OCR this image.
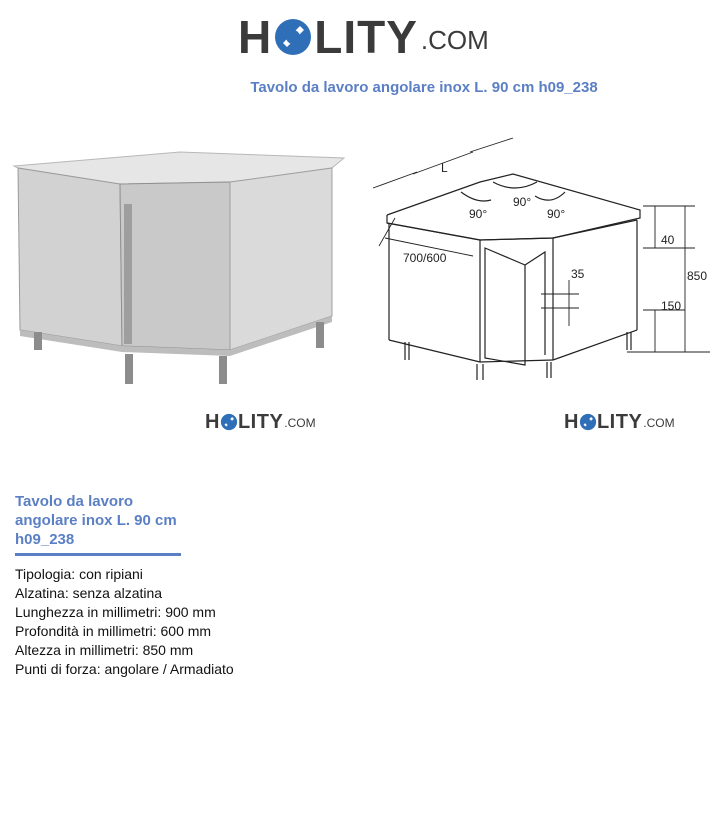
H LITY .COM
Tavolo da lavoro angolare inox L. 90 cm h09_238
L
90°
90°
90°
700/600
40
850
35
150
H LITY .COM	H LITY .COM
Tavolo da lavoro angolare inox L. 90 cm h09_238
Tipologia: con ripiani
Alzatina: senza alzatina
Lunghezza in millimetri: 900 mm
Profondità in millimetri: 600 mm
Altezza in millimetri: 850 mm
Punti di forza: angolare / Armadiato
